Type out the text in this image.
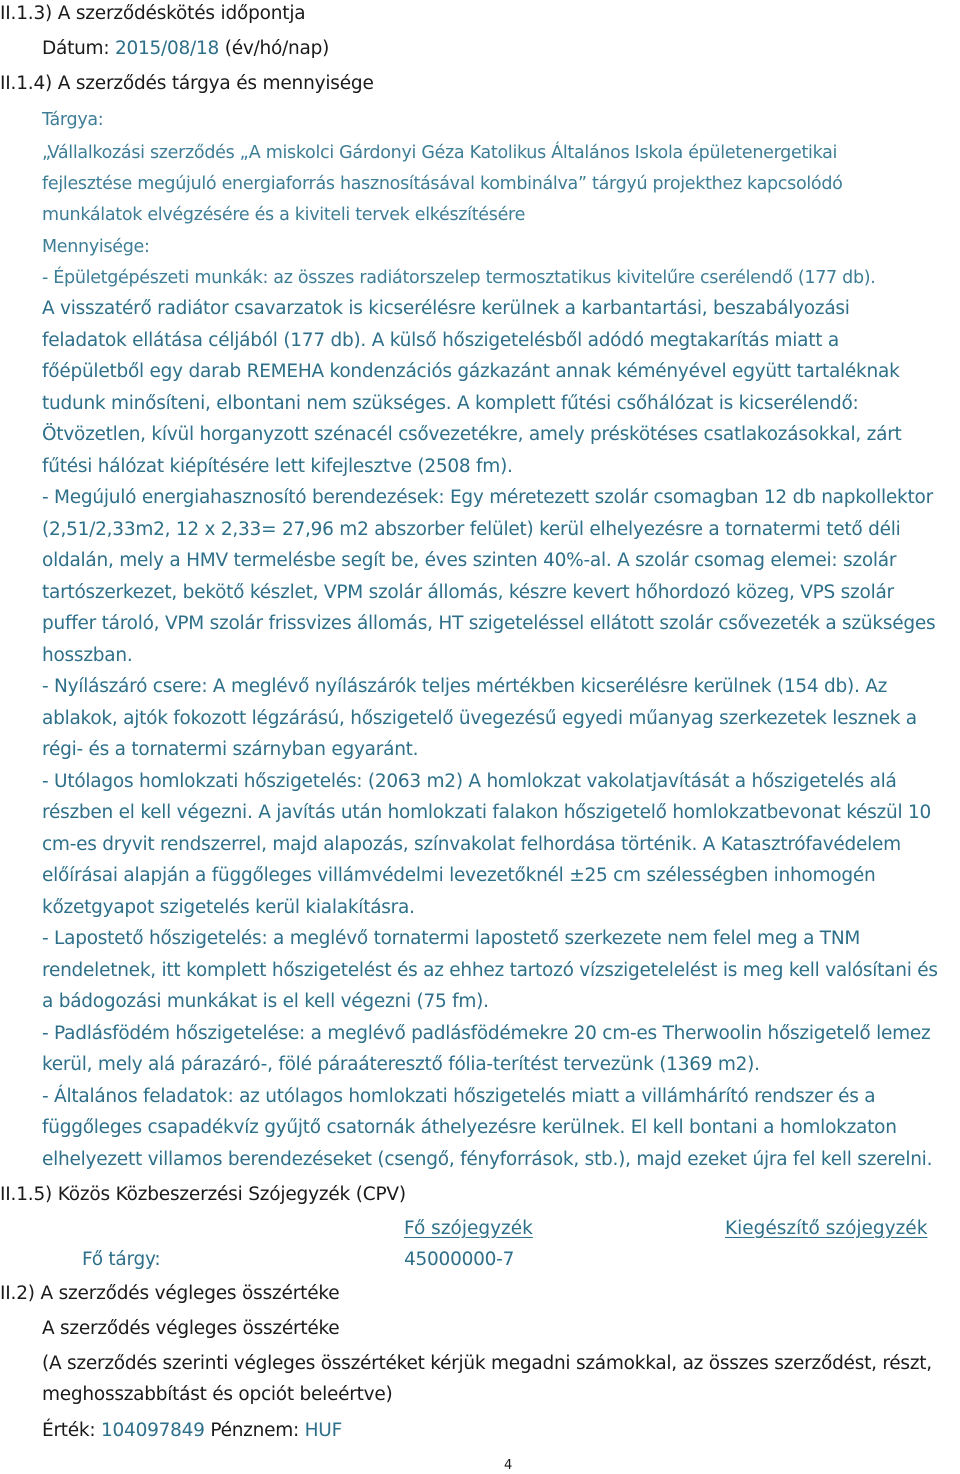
II.1.3) A szerződéskötés időpontja
Dátum: 2015/08/18 (év/hó/nap)
II.1.4) A szerződés tárgya és mennyisége
Tárgya:
„Vállalkozási szerződés „A miskolci Gárdonyi Géza Katolikus Általános Iskola épületenergetikai
fejlesztése megújuló energiaforrás hasznosításával kombinálva” tárgyú projekthez kapcsolódó
munkálatok elvégzésére és a kiviteli tervek elkészítésére
Mennyisége:
- Épületgépészeti munkák: az összes radiátorszelep termosztatikus kivitelűre cserélendő (177 db).
A visszatérő radiátor csavarzatok is kicserélésre kerülnek a karbantartási, beszabályozási
feladatok ellátása céljából (177 db). A külső hőszigetelésből adódó megtakarítás miatt a
főépületből egy darab REMEHA kondenzációs gázkazánt annak kéményével együtt tartaléknak
tudunk minősíteni, elbontani nem szükséges. A komplett fűtési csőhálózat is kicserélendő:
Ötvözetlen, kívül horganyzott szénacél csővezetékre, amely préskötéses csatlakozásokkal, zárt
fűtési hálózat kiépítésére lett kifejlesztve (2508 fm).
- Megújuló energiahasznosító berendezések: Egy méretezett szolár csomagban 12 db napkollektor
(2,51/2,33m2, 12 x 2,33= 27,96 m2 abszorber felület) kerül elhelyezésre a tornatermi tető déli
oldalán, mely a HMV termelésbe segít be, éves szinten 40%-al. A szolár csomag elemei: szolár
tartószerkezet, bekötő készlet, VPM szolár állomás, készre kevert hőhordozó közeg, VPS szolár
puffer tároló, VPM szolár frissvizes állomás, HT szigeteléssel ellátott szolár csővezeték a szükséges
hosszban.
- Nyílászáró csere: A meglévő nyílászárók teljes mértékben kicserélésre kerülnek (154 db). Az
ablakok, ajtók fokozott légzárású, hőszigetelő üvegezésű egyedi műanyag szerkezetek lesznek a
régi- és a tornatermi szárnyban egyaránt.
- Utólagos homlokzati hőszigetelés: (2063 m2) A homlokzat vakolatjavítását a hőszigetelés alá
részben el kell végezni. A javítás után homlokzati falakon hőszigetelő homlokzatbevonat készül 10
cm-es dryvit rendszerrel, majd alapozás, színvakolat felhordása történik. A Katasztrófavédelem
előírásai alapján a függőleges villámvédelmi levezetőknél ±25 cm szélességben inhomogén
kőzetgyapot szigetelés kerül kialakításra.
- Lapostető hőszigetelés: a meglévő tornatermi lapostető szerkezete nem felel meg a TNM
rendeletnek, itt komplett hőszigetelést és az ehhez tartozó vízszigetelelést is meg kell valósítani és
a bádogozási munkákat is el kell végezni (75 fm).
- Padlásfödém hőszigetelése: a meglévő padlásfödémekre 20 cm-es Therwoolin hőszigetelő lemez
kerül, mely alá párazáró-, fölé páraáteresztő fólia-terítést tervezünk (1369 m2).
- Általános feladatok: az utólagos homlokzati hőszigetelés miatt a villámhárító rendszer és a
függőleges csapadékvíz gyűjtő csatornák áthelyezésre kerülnek. El kell bontani a homlokzaton
elhelyezett villamos berendezéseket (csengő, fényforrások, stb.), majd ezeket újra fel kell szerelni.
II.1.5) Közös Közbeszerzési Szójegyzék (CPV)
Fő szójegyzék	Kiegészítő szójegyzék
Fő tárgy:	45000000-7
II.2) A szerződés végleges összértéke
A szerződés végleges összértéke
(A szerződés szerinti végleges összértéket kérjük megadni számokkal, az összes szerződést, részt,
meghosszabbítást és opciót beleértve)
Érték: 104097849 Pénznem: HUF
4
